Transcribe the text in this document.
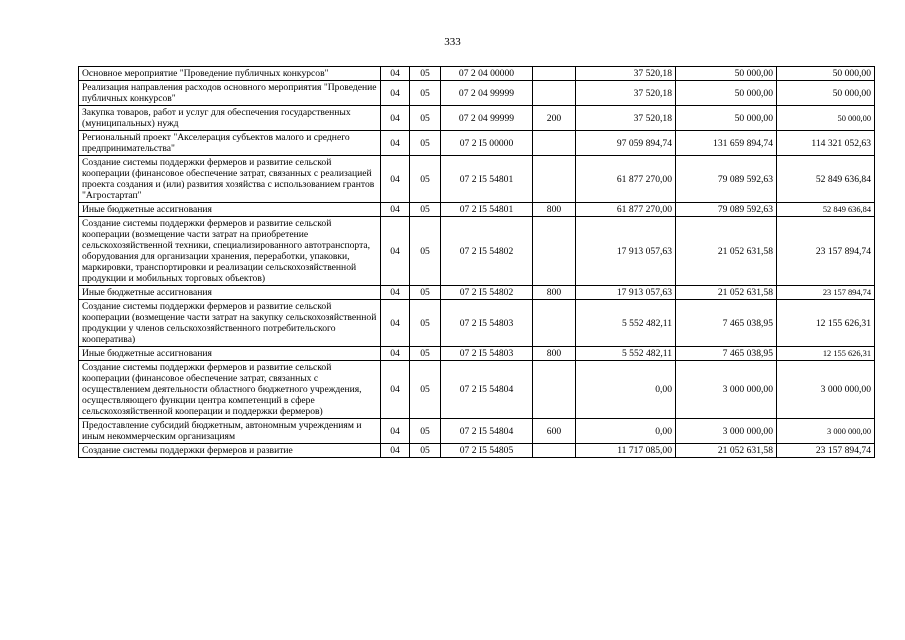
333
Основное мероприятие "Проведение публичных конкурсов"	04	05	07 2 04 00000		37 520,18	50 000,00	50 000,00
Реализация направления расходов основного мероприятия "Проведение публичных конкурсов"	04	05	07 2 04 99999		37 520,18	50 000,00	50 000,00
Закупка товаров, работ и услуг для обеспечения государственных (муниципальных) нужд	04	05	07 2 04 99999	200	37 520,18	50 000,00	50 000,00
Региональный проект "Акселерация субъектов малого и среднего предпринимательства"	04	05	07 2 I5 00000		97 059 894,74	131 659 894,74	114 321 052,63
Создание системы поддержки фермеров и развитие сельской кооперации (финансовое обеспечение затрат, связанных с реализацией проекта создания и (или) развития хозяйства с использованием грантов "Агростартап"	04	05	07 2 I5 54801		61 877 270,00	79 089 592,63	52 849 636,84
Иные бюджетные ассигнования	04	05	07 2 I5 54801	800	61 877 270,00	79 089 592,63	52 849 636,84
Создание системы поддержки фермеров и развитие сельской кооперации (возмещение части затрат на приобретение сельскохозяйственной техники, специализированного автотранспорта, оборудования для организации хранения, переработки, упаковки, маркировки, транспортировки и реализации сельскохозяйственной продукции и мобильных торговых объектов)	04	05	07 2 I5 54802		17 913 057,63	21 052 631,58	23 157 894,74
Иные бюджетные ассигнования	04	05	07 2 I5 54802	800	17 913 057,63	21 052 631,58	23 157 894,74
Создание системы поддержки фермеров и развитие сельской кооперации (возмещение части затрат на закупку сельскохозяйственной продукции у членов сельскохозяйственного потребительского кооператива)	04	05	07 2 I5 54803		5 552 482,11	7 465 038,95	12 155 626,31
Иные бюджетные ассигнования	04	05	07 2 I5 54803	800	5 552 482,11	7 465 038,95	12 155 626,31
Создание системы поддержки фермеров и развитие сельской кооперации (финансовое обеспечение затрат, связанных с осуществлением деятельности областного бюджетного учреждения, осуществляющего функции центра компетенций в сфере сельскохозяйственной кооперации и поддержки фермеров)	04	05	07 2 I5 54804		0,00	3 000 000,00	3 000 000,00
Предоставление субсидий бюджетным, автономным учреждениям и иным некоммерческим организациям	04	05	07 2 I5 54804	600	0,00	3 000 000,00	3 000 000,00
Создание системы поддержки фермеров и развитие	04	05	07 2 I5 54805		11 717 085,00	21 052 631,58	23 157 894,74
